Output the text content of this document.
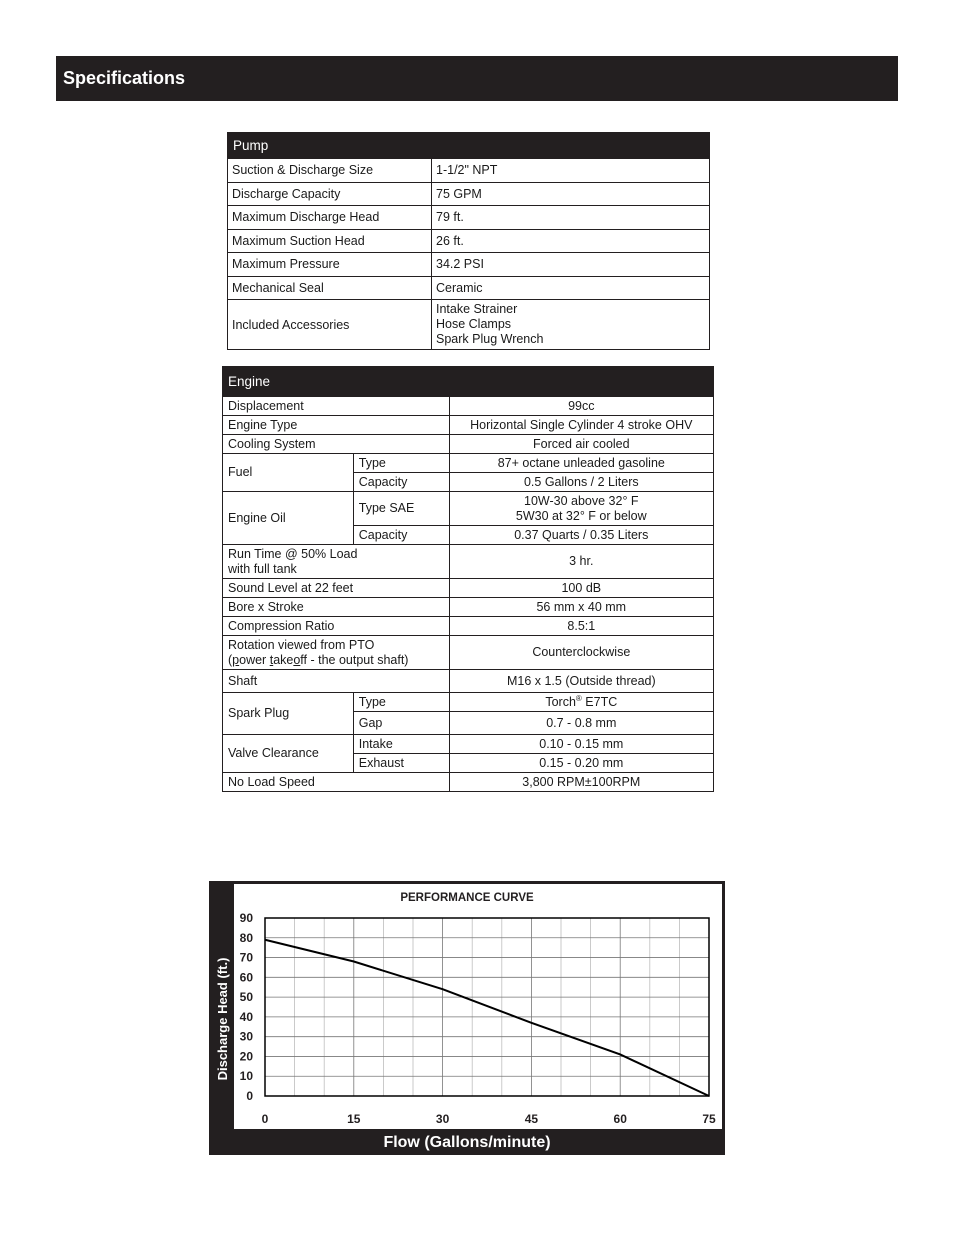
Specifications
Pump	
Suction & Discharge Size	1-1/2" NPT
Discharge Capacity	75 GPM
Maximum Discharge Head	79 ft.
Maximum Suction Head	26 ft.
Maximum Pressure	34.2 PSI
Mechanical Seal	Ceramic
Included Accessories	Intake Strainer
Hose Clamps
Spark Plug Wrench
Engine		
Displacement		99cc
Engine Type		Horizontal Single Cylinder 4 stroke OHV
Cooling System		Forced air cooled
Fuel	Type	87+ octane unleaded gasoline
	Capacity	0.5 Gallons / 2 Liters
Engine Oil	Type SAE	10W-30 above 32° F
5W30 at 32° F or below

	Capacity	0.37 Quarts / 0.35 Liters

Run Time @ 50% Load
with full tank		3 hr.
Sound Level at 22 feet		100 dB
Bore x Stroke		56 mm x 40 mm
Compression Ratio		8.5:1

Rotation viewed from PTO
(power takeoff - the output shaft)		Counterclockwise
Shaft		M16 x 1.5 (Outside thread)
Spark Plug	Type	Torch® E7TC
	Gap	0.7 - 0.8 mm
Valve Clearance	Intake	0.10 - 0.15 mm
	Exhaust	0.15 - 0.20 mm
No Load Speed		3,800 RPM±100RPM
0
10
20
30
40
50
60
70
80
90
0	15	30	45	60	75
PERFORMANCE CURVE
Flow (Gallons/minute)
Discharge Head (ft.)
